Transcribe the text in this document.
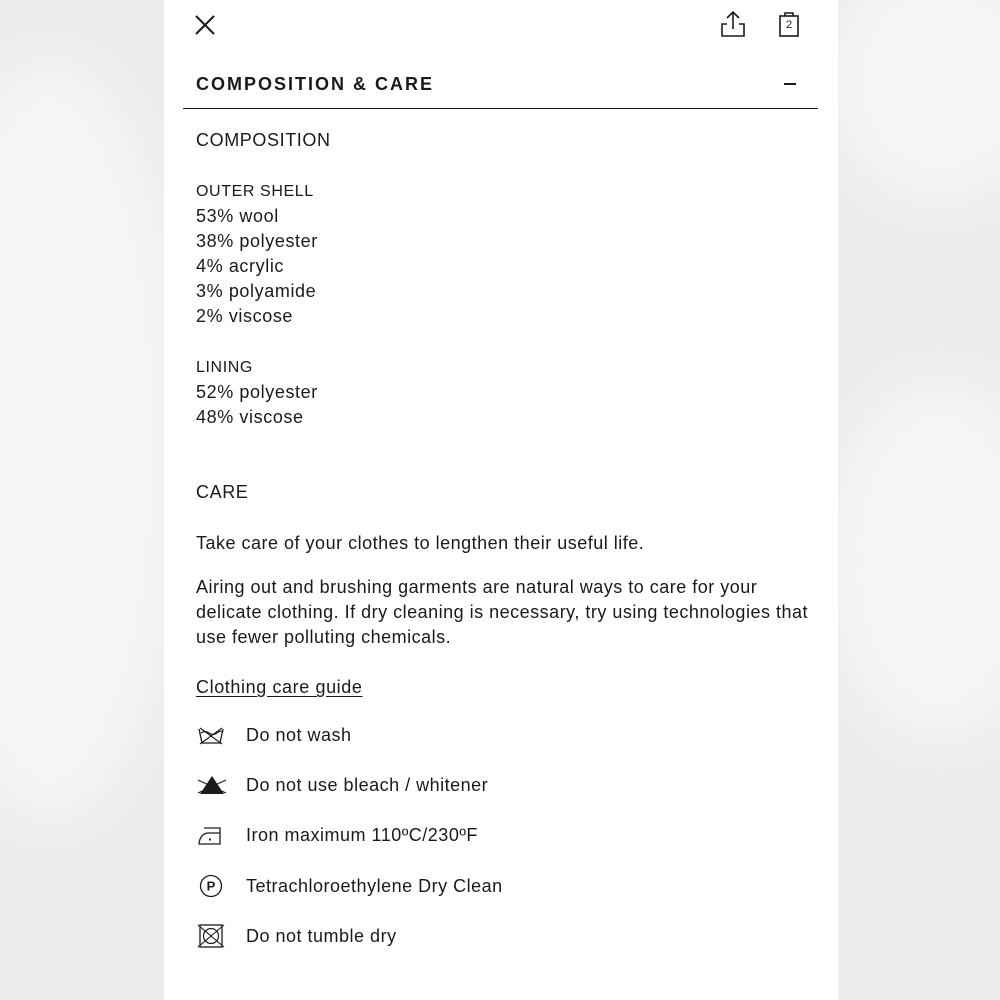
2
COMPOSITION & CARE
COMPOSITION
OUTER SHELL
53% wool
38% polyester
4% acrylic
3% polyamide
2% viscose
LINING
52% polyester
48% viscose
CARE
Take care of your clothes to lengthen their useful life.
Airing out and brushing garments are natural ways to care for your delicate clothing. If dry cleaning is necessary, try using technologies that use fewer polluting chemicals.
Clothing care guide
Do not wash
Do not use bleach / whitener
Iron maximum 110ºC/230ºF
P Tetrachloroethylene Dry Clean
Do not tumble dry
